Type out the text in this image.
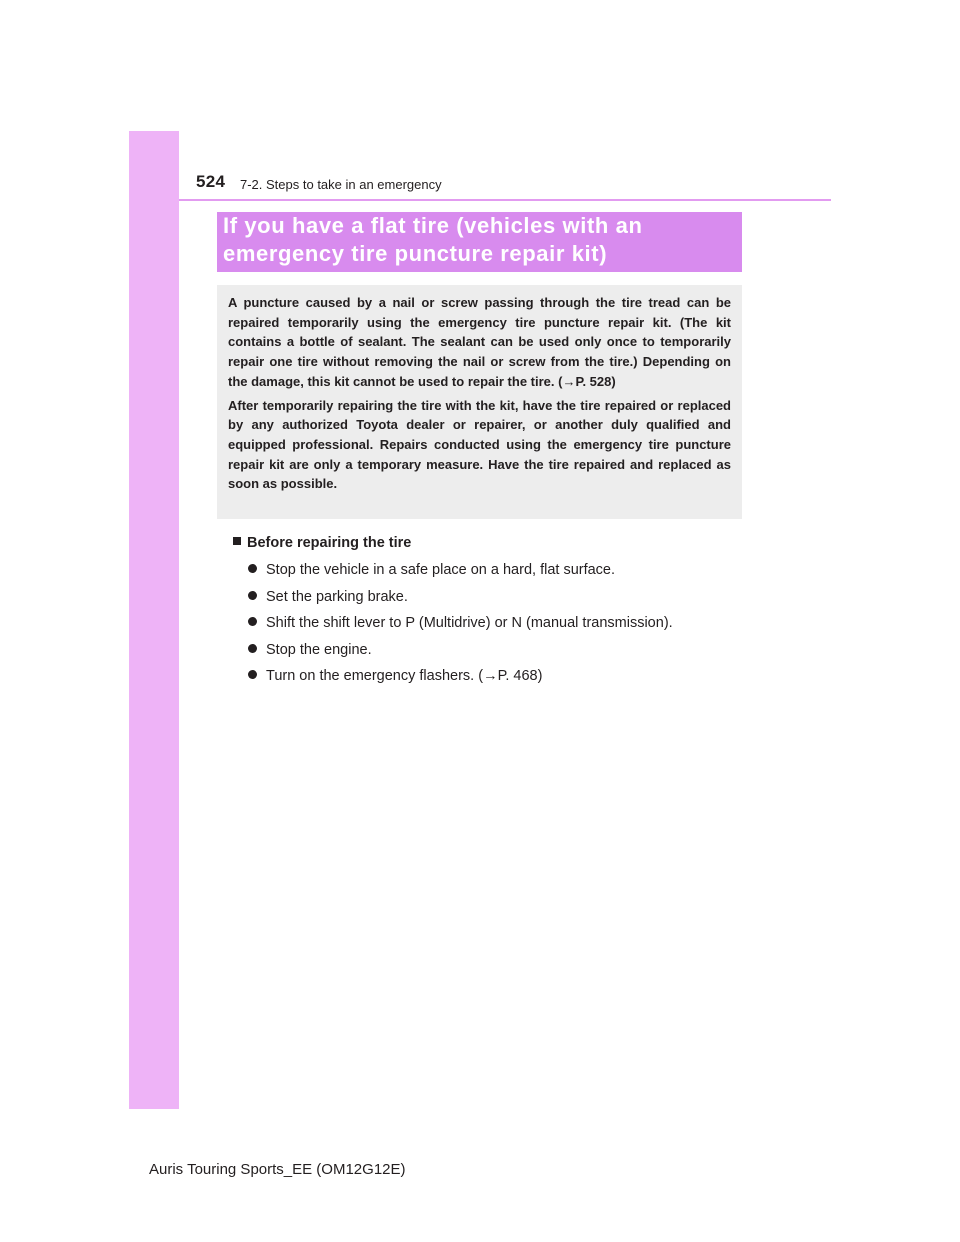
524 7-2. Steps to take in an emergency
If you have a flat tire (vehicles with an
emergency tire puncture repair kit)

A puncture caused by a nail or screw passing through the tire tread can be repaired temporarily using the emergency tire puncture repair kit. (The kit contains a bottle of sealant. The sealant can be used only once to temporarily repair one tire without removing the nail or screw from the tire.) Depending on the damage, this kit cannot be used to repair the tire. (→P. 528)

After temporarily repairing the tire with the kit, have the tire repaired or replaced by any authorized Toyota dealer or repairer, or another duly qualified and equipped professional. Repairs conducted using the emergency tire puncture repair kit are only a temporary measure. Have the tire repaired and replaced as soon as possible.

Before repairing the tire
Stop the vehicle in a safe place on a hard, flat surface.
Set the parking brake.
Shift the shift lever to P (Multidrive) or N (manual transmission).
Stop the engine.
Turn on the emergency flashers. (→P. 468)
Auris Touring Sports_EE (OM12G12E)
